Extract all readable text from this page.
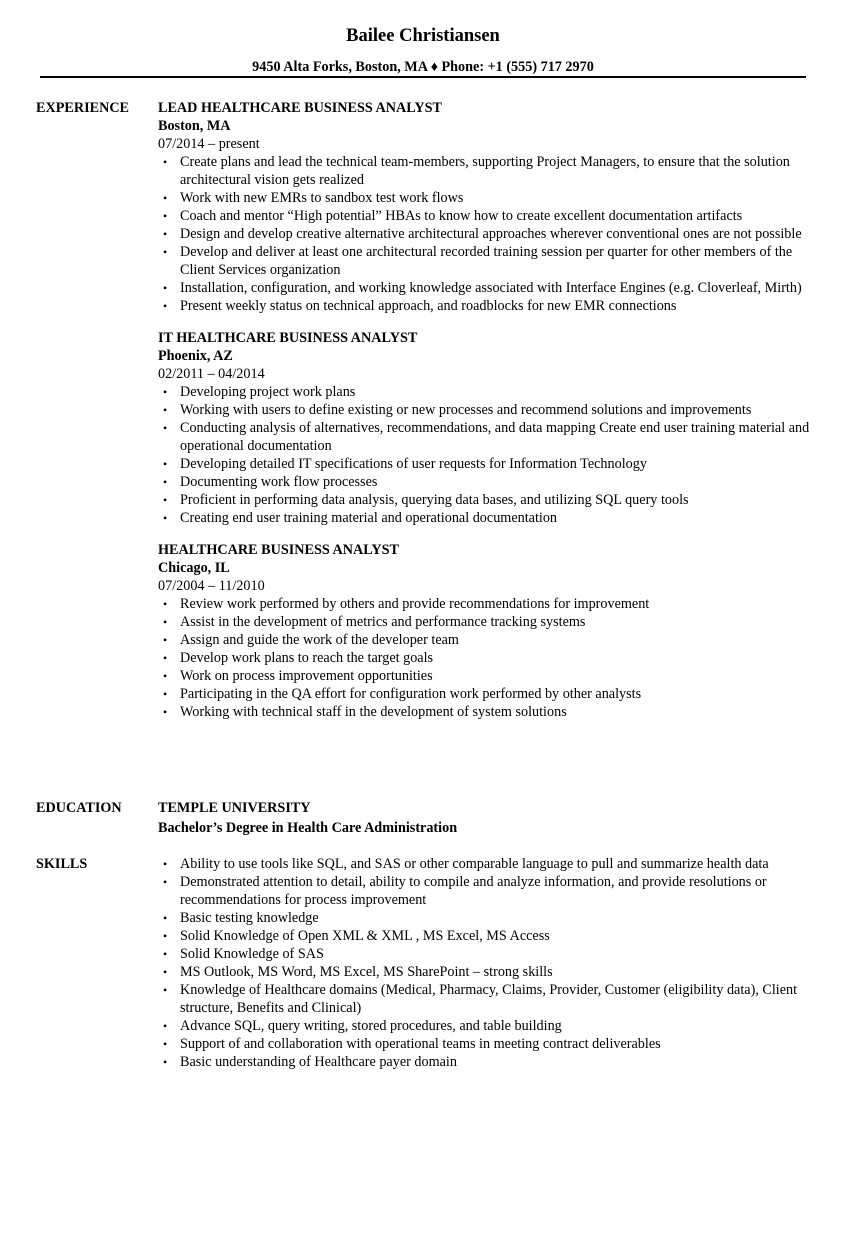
Bailee Christiansen
9450 Alta Forks, Boston, MA ♦ Phone: +1 (555) 717 2970
EXPERIENCE	LEAD HEALTHCARE BUSINESS ANALYST
Boston, MA
07/2014 – present
• Create plans and lead the technical team-members, supporting Project Managers, to ensure that the solution architectural vision gets realized
• Work with new EMRs to sandbox test work flows
• Coach and mentor “High potential” HBAs to know how to create excellent documentation artifacts
• Design and develop creative alternative architectural approaches wherever conventional ones are not possible
• Develop and deliver at least one architectural recorded training session per quarter for other members of the Client Services organization
• Installation, configuration, and working knowledge associated with Interface Engines (e.g. Cloverleaf, Mirth)
• Present weekly status on technical approach, and roadblocks for new EMR connections
IT HEALTHCARE BUSINESS ANALYST
Phoenix, AZ
02/2011 – 04/2014
• Developing project work plans
• Working with users to define existing or new processes and recommend solutions and improvements
• Conducting analysis of alternatives, recommendations, and data mapping Create end user training material and operational documentation
• Developing detailed IT specifications of user requests for Information Technology
• Documenting work flow processes
• Proficient in performing data analysis, querying data bases, and utilizing SQL query tools
• Creating end user training material and operational documentation
HEALTHCARE BUSINESS ANALYST
Chicago, IL
07/2004 – 11/2010
• Review work performed by others and provide recommendations for improvement
• Assist in the development of metrics and performance tracking systems
• Assign and guide the work of the developer team
• Develop work plans to reach the target goals
• Work on process improvement opportunities
• Participating in the QA effort for configuration work performed by other analysts
• Working with technical staff in the development of system solutions
EDUCATION	TEMPLE UNIVERSITY
Bachelor’s Degree in Health Care Administration
SKILLS	• Ability to use tools like SQL, and SAS or other comparable language to pull and summarize health data
• Demonstrated attention to detail, ability to compile and analyze information, and provide resolutions or recommendations for process improvement
• Basic testing knowledge
• Solid Knowledge of Open XML & XML , MS Excel, MS Access
• Solid Knowledge of SAS
• MS Outlook, MS Word, MS Excel, MS SharePoint – strong skills
• Knowledge of Healthcare domains (Medical, Pharmacy, Claims, Provider, Customer (eligibility data), Client structure, Benefits and Clinical)
• Advance SQL, query writing, stored procedures, and table building
• Support of and collaboration with operational teams in meeting contract deliverables
• Basic understanding of Healthcare payer domain
